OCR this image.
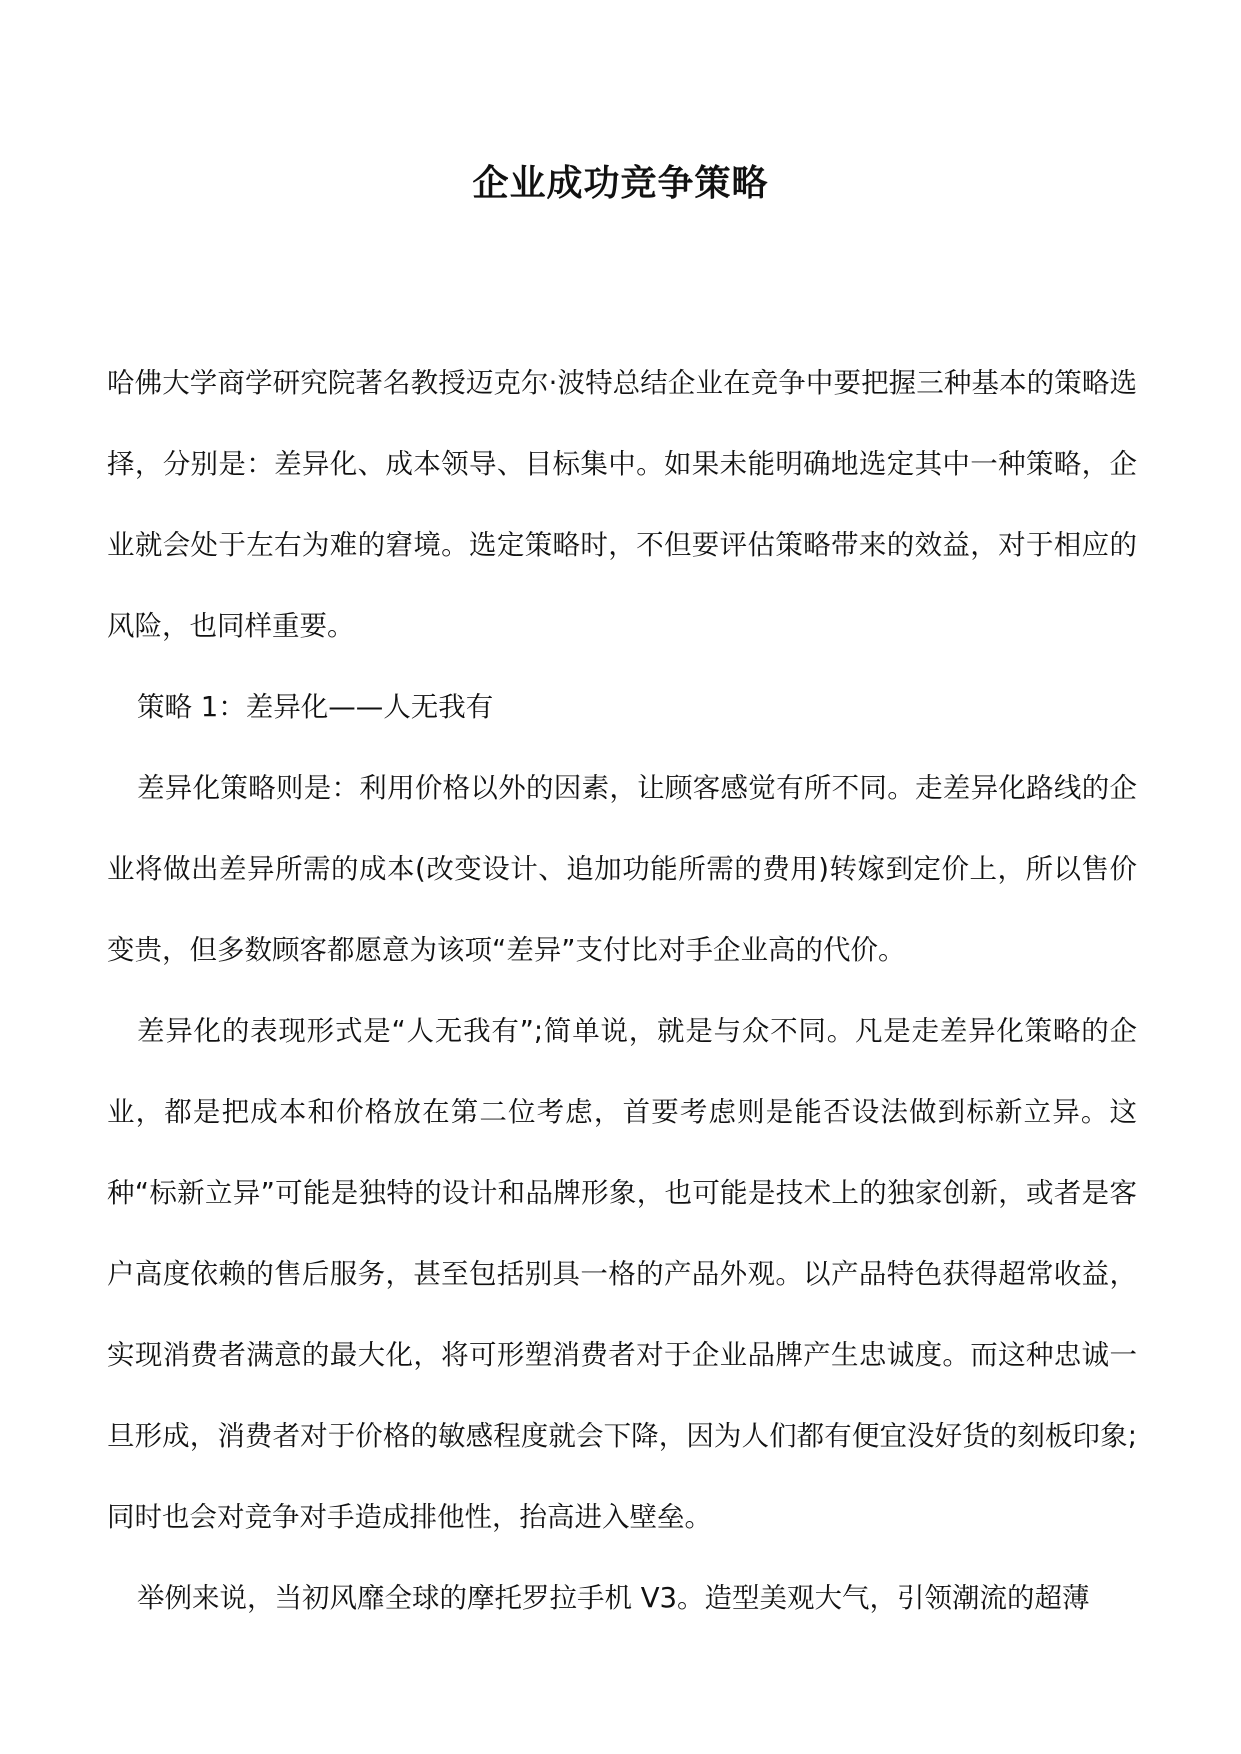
企业成功竞争策略

哈佛大学商学研究院著名教授迈克尔·波特总结企业在竞争中要把握三种基本的策略选择，分别是：差异化、成本领导、目标集中。如果未能明确地选定其中一种策略，企业就会处于左右为难的窘境。选定策略时，不但要评估策略带来的效益，对于相应的风险，也同样重要。

策略 1：差异化——人无我有

差异化策略则是：利用价格以外的因素，让顾客感觉有所不同。走差异化路线的企业将做出差异所需的成本(改变设计、追加功能所需的费用)转嫁到定价上，所以售价变贵，但多数顾客都愿意为该项“差异”支付比对手企业高的代价。

差异化的表现形式是“人无我有”;简单说，就是与众不同。凡是走差异化策略的企业，都是把成本和价格放在第二位考虑，首要考虑则是能否设法做到标新立异。这种“标新立异”可能是独特的设计和品牌形象，也可能是技术上的独家创新，或者是客户高度依赖的售后服务，甚至包括别具一格的产品外观。以产品特色获得超常收益，实现消费者满意的最大化，将可形塑消费者对于企业品牌产生忠诚度。而这种忠诚一旦形成，消费者对于价格的敏感程度就会下降，因为人们都有便宜没好货的刻板印象;同时也会对竞争对手造成排他性，抬高进入壁垒。

举例来说，当初风靡全球的摩托罗拉手机 V3。造型美观大气，引领潮流的超薄
